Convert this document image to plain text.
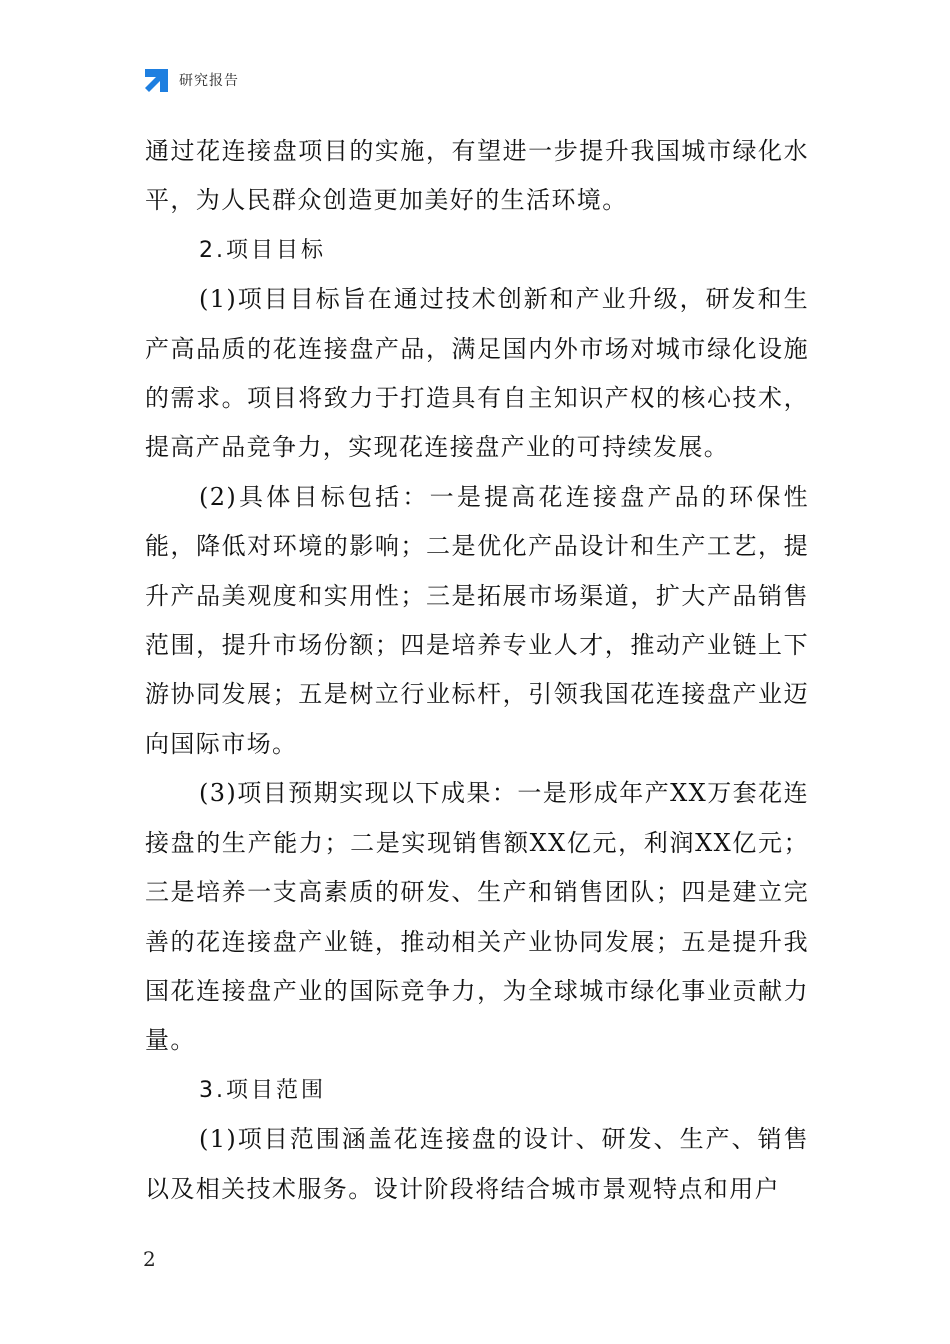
研究报告

通过花连接盘项目的实施，有望进一步提升我国城市绿化水平，为人民群众创造更加美好的生活环境。

2.项目目标

(1)项目目标旨在通过技术创新和产业升级，研发和生产高品质的花连接盘产品，满足国内外市场对城市绿化设施的需求。项目将致力于打造具有自主知识产权的核心技术，提高产品竞争力，实现花连接盘产业的可持续发展。

(2)具体目标包括：一是提高花连接盘产品的环保性能，降低对环境的影响；二是优化产品设计和生产工艺，提升产品美观度和实用性；三是拓展市场渠道，扩大产品销售范围，提升市场份额；四是培养专业人才，推动产业链上下游协同发展；五是树立行业标杆，引领我国花连接盘产业迈向国际市场。

(3)项目预期实现以下成果：一是形成年产XX万套花连接盘的生产能力；二是实现销售额XX亿元，利润XX亿元；三是培养一支高素质的研发、生产和销售团队；四是建立完善的花连接盘产业链，推动相关产业协同发展；五是提升我国花连接盘产业的国际竞争力，为全球城市绿化事业贡献力量。

3.项目范围

(1)项目范围涵盖花连接盘的设计、研发、生产、销售以及相关技术服务。设计阶段将结合城市景观特点和用户

2
